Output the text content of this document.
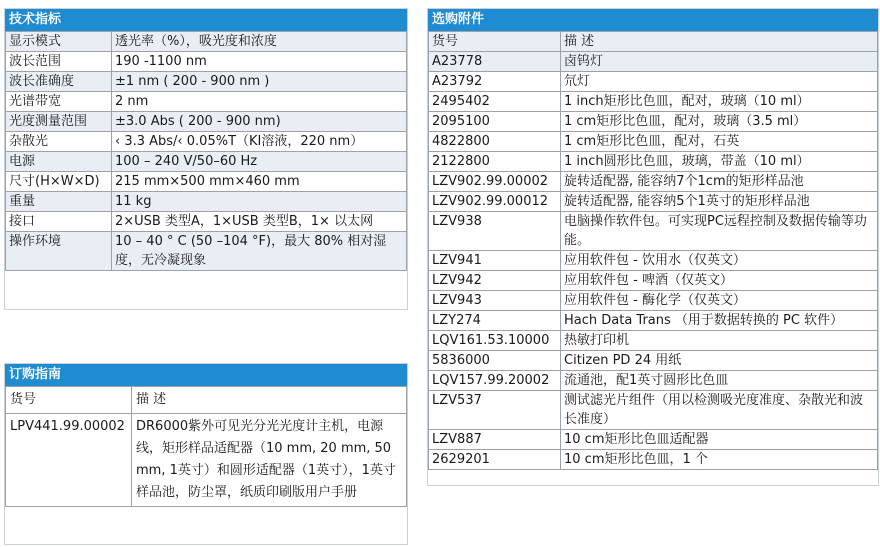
技术指标
显示模式	透光率（%），吸光度和浓度
波长范围	190 -1100 nm
波长准确度	±1 nm ( 200 - 900 nm )
光谱带宽	2 nm
光度测量范围	±3.0 Abs ( 200 - 900 nm)
杂散光	‹ 3.3 Abs/‹ 0.05%T（KI溶液，220 nm）
电源	100 – 240 V/50–60 Hz
尺寸(H×W×D)	215 mm×500 mm×460 mm
重量	11 kg
接口	2×USB 类型A，1×USB 类型B，1× 以太网
操作环境	10 – 40 ° C (50 –104 °F)，最大 80% 相对湿度，无冷凝现象
选购附件
货号	描 述
A23778	卤钨灯
A23792	氘灯
2495402	1 inch矩形比色皿，配对，玻璃（10 ml）
2095100	1 cm矩形比色皿，配对，玻璃（3.5 ml）
4822800	1 cm矩形比色皿，配对，石英
2122800	1 inch圆形比色皿，玻璃，带盖（10 ml）
LZV902.99.00002	旋转适配器, 能容纳7个1cm的矩形样品池
LZV902.99.00012	旋转适配器, 能容纳5个1英寸的矩形样品池
LZV938	电脑操作软件包。可实现PC远程控制及数据传输等功能。
LZV941	应用软件包 - 饮用水（仅英文）
LZV942	应用软件包 - 啤酒（仅英文）
LZV943	应用软件包 - 酶化学（仅英文）
LZY274	Hach Data Trans （用于数据转换的 PC 软件）
LQV161.53.10000	热敏打印机
5836000	Citizen PD 24 用纸
LQV157.99.20002	流通池，配1英寸圆形比色皿
LZV537	测试滤光片组件（用以检测吸光度准度、杂散光和波长准度）
LZV887	10 cm矩形比色皿适配器
2629201	10 cm矩形比色皿，1 个
订购指南
货号	描 述
LPV441.99.00002	DR6000紫外可见光分光光度计主机，电源线，矩形样品适配器（10 mm, 20 mm, 50 mm, 1英寸）和圆形适配器（1英寸），1英寸样品池，防尘罩，纸质印刷版用户手册
